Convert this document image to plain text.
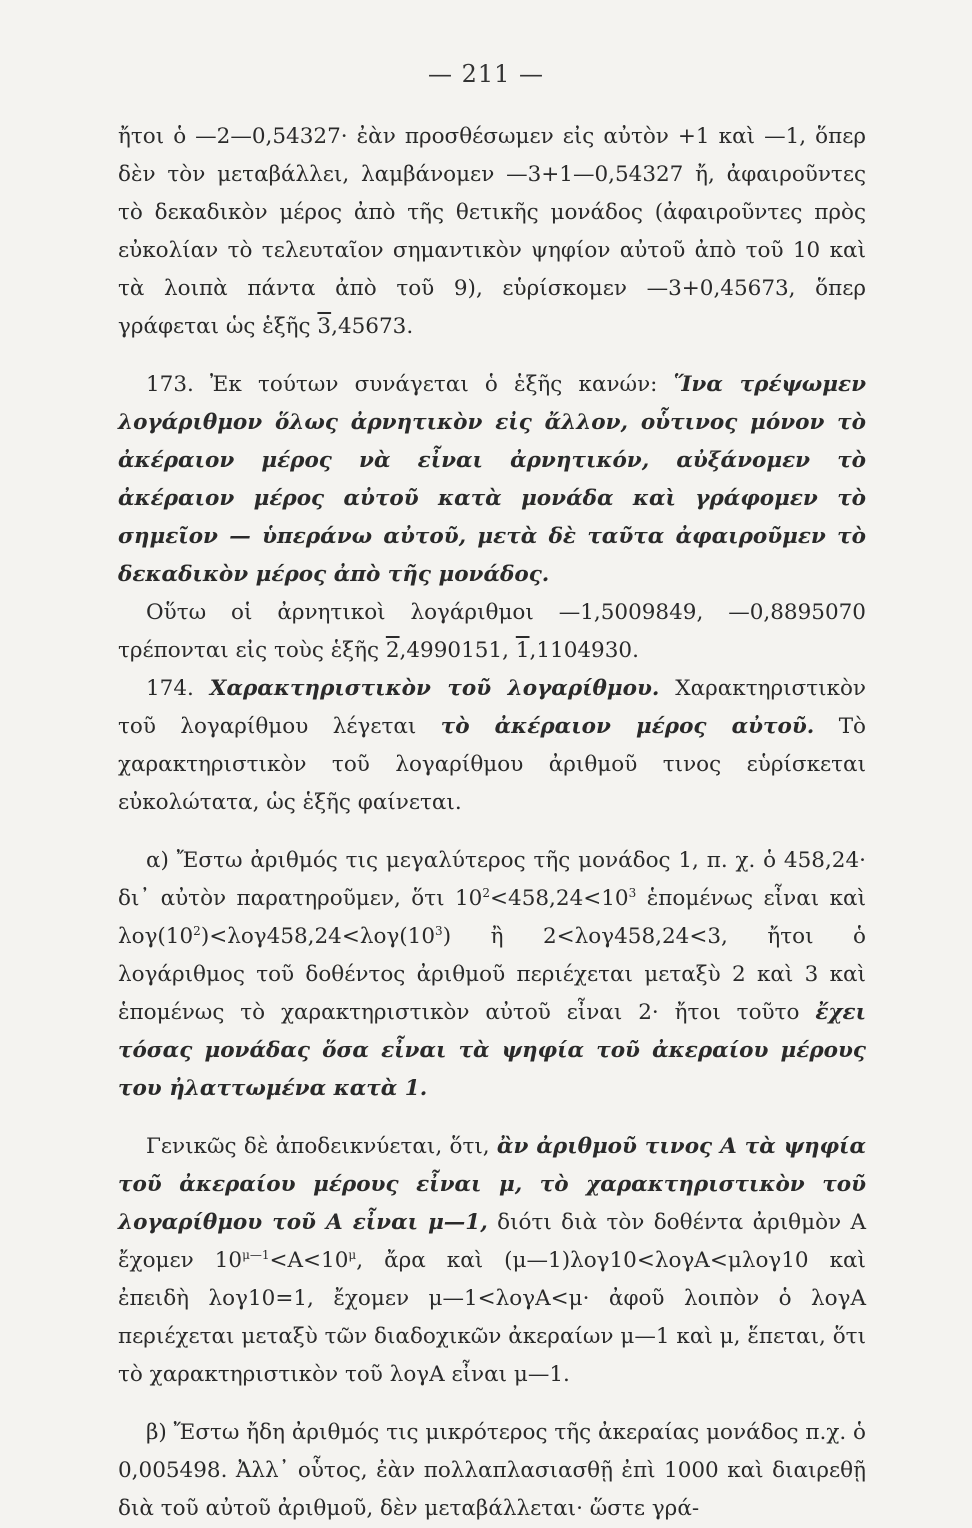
— 211 —

ἤτοι ὁ —2—0,54327· ἐὰν προσθέσωμεν εἰς αὐτὸν +1 καὶ —1, ὅπερ δὲν τὸν μεταβάλλει, λαμβάνομεν —3+1—0,54327 ἤ, ἀφαιροῦντες τὸ δεκαδικὸν μέρος ἀπὸ τῆς θετικῆς μονάδος (ἀφαιροῦντες πρὸς εὐκολίαν τὸ τελευταῖον σημαντικὸν ψηφίον αὐτοῦ ἀπὸ τοῦ 10 καὶ τὰ λοιπὰ πάντα ἀπὸ τοῦ 9), εὑρίσκομεν —3+0,45673, ὅπερ γράφεται ὡς ἑξῆς 3,45673.

173. Ἐκ τούτων συνάγεται ὁ ἑξῆς κανών: Ἵνα τρέψωμεν λογάριθμον ὅλως ἀρνητικὸν εἰς ἄλλον, οὗτινος μόνον τὸ ἀκέραιον μέρος νὰ εἶναι ἀρνητικόν, αὐξάνομεν τὸ ἀκέραιον μέρος αὐτοῦ κατὰ μονάδα καὶ γράφομεν τὸ σημεῖον — ὑπεράνω αὐτοῦ, μετὰ δὲ ταῦτα ἀφαιροῦμεν τὸ δεκαδικὸν μέρος ἀπὸ τῆς μονάδος.

Οὕτω οἱ ἀρνητικοὶ λογάριθμοι —1,5009849, —0,8895070 τρέπονται εἰς τοὺς ἑξῆς 2,4990151, 1,1104930.

174. Χαρακτηριστικὸν τοῦ λογαρίθμου. Χαρακτηριστικὸν τοῦ λογαρίθμου λέγεται τὸ ἀκέραιον μέρος αὐτοῦ. Τὸ χαρακτηριστικὸν τοῦ λογαρίθμου ἀριθμοῦ τινος εὑρίσκεται εὐκολώτατα, ὡς ἑξῆς φαίνεται.

α) Ἔστω ἀριθμός τις μεγαλύτερος τῆς μονάδος 1, π. χ. ὁ 458,24· δι᾽ αὐτὸν παρατηροῦμεν, ὅτι $10^2<458,24<10^3$ ἑπομένως εἶναι καὶ $\lambda o\gamma(10^2)<\lambda o\gamma 458,24<\lambda o\gamma(10^3)$ ἢ 2<λογ458,24<3, ἤτοι ὁ λογάριθμος τοῦ δοθέντος ἀριθμοῦ περιέχεται μεταξὺ 2 καὶ 3 καὶ ἑπομένως τὸ χαρακτηριστικὸν αὐτοῦ εἶναι 2· ἤτοι τοῦτο ἔχει τόσας μονάδας ὅσα εἶναι τὰ ψηφία τοῦ ἀκεραίου μέρους του ἠλαττωμένα κατὰ 1.

Γενικῶς δὲ ἀποδεικνύεται, ὅτι, ἂν ἀριθμοῦ τινος Α τὰ ψηφία τοῦ ἀκεραίου μέρους εἶναι μ, τὸ χαρακτηριστικὸν τοῦ λογαρίθμου τοῦ Α εἶναι μ—1, διότι διὰ τὸν δοθέντα ἀριθμὸν Α ἔχομεν $10^{\mu—1}<A<10^\mu$, ἄρα καὶ (μ—1)λογ10<λογΑ<μλογ10 καὶ ἐπειδὴ λογ10=1, ἔχομεν μ—1<λογΑ<μ· ἀφοῦ λοιπὸν ὁ λογΑ περιέχεται μεταξὺ τῶν διαδοχικῶν ἀκεραίων μ—1 καὶ μ, ἕπεται, ὅτι τὸ χαρακτηριστικὸν τοῦ λογΑ εἶναι μ—1.

β) Ἔστω ἤδη ἀριθμός τις μικρότερος τῆς ἀκεραίας μονάδος π.χ. ὁ 0,005498. Ἀλλ᾽ οὗτος, ἐὰν πολλαπλασιασθῇ ἐπὶ 1000 καὶ διαιρεθῇ διὰ τοῦ αὐτοῦ ἀριθμοῦ, δὲν μεταβάλλεται· ὥστε γρά-
